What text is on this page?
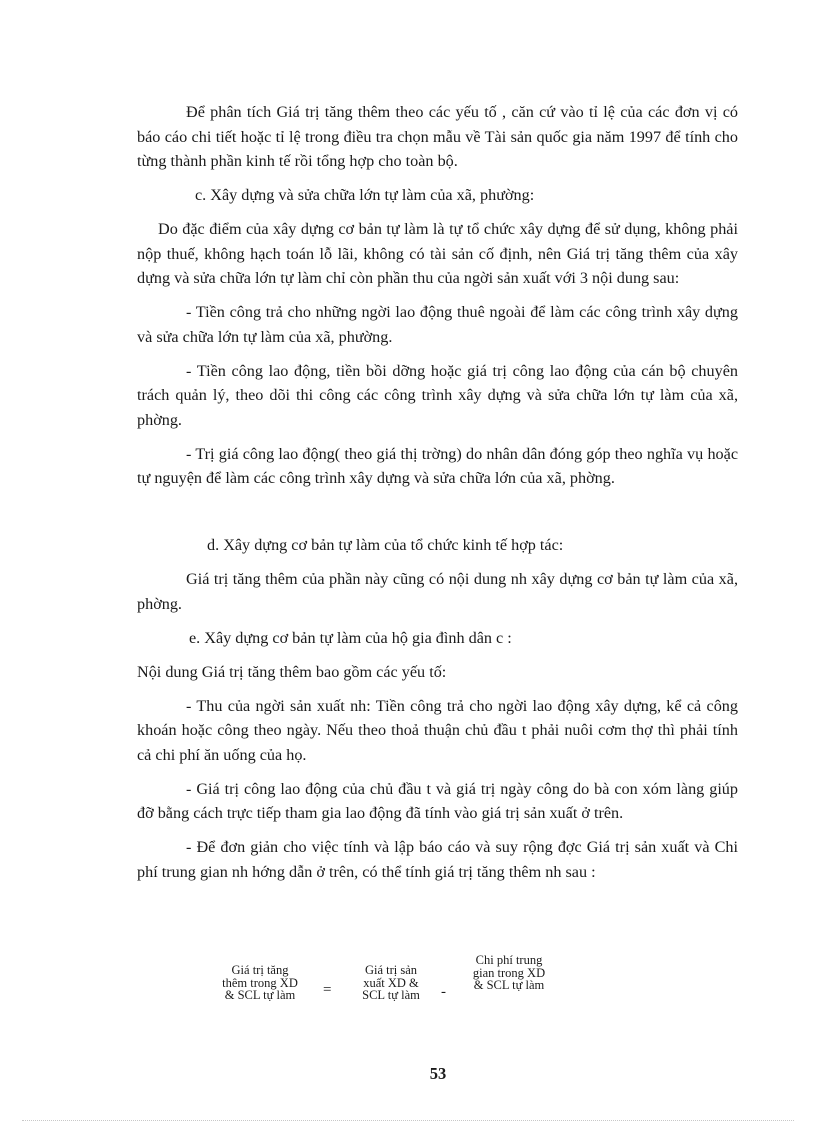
Để phân tích Giá trị tăng thêm theo các yếu tố , căn cứ vào tỉ lệ của các đơn vị có báo cáo chi tiết hoặc tỉ lệ trong điều tra chọn mẫu về Tài sản quốc gia năm 1997 để tính cho từng thành phần kinh tế rồi tổng hợp cho toàn bộ.

c. Xây dựng và sửa chữa lớn tự làm của xã, phường:

Do đặc điểm của xây dựng cơ bản tự làm là tự tổ chức xây dựng để sử dụng, không phải nộp thuế, không hạch toán lỗ lãi, không có tài sản cố định, nên Giá trị tăng thêm của xây dựng và sửa chữa lớn tự làm chỉ còn phần thu của ngời sản xuất với 3 nội dung sau:

- Tiền công trả cho những ngời lao động thuê ngoài để làm các công trình xây dựng và sửa chữa lớn tự làm của xã, phường.

- Tiền công lao động, tiền bồi dỡng hoặc giá trị công lao động của cán bộ chuyên trách quản lý, theo dõi thi công các công trình xây dựng và sửa chữa lớn tự làm của xã, phờng.

- Trị giá công lao động( theo giá thị trờng) do nhân dân đóng góp theo nghĩa vụ hoặc tự nguyện để làm các công trình xây dựng và sửa chữa lớn của xã, phờng.

d. Xây dựng cơ bản tự làm của tổ chức kinh tế hợp tác:

Giá trị tăng thêm của phần này cũng có nội dung nh xây dựng cơ bản tự làm của xã, phờng.

e. Xây dựng cơ bản tự làm của hộ gia đình dân c :

Nội dung Giá trị tăng thêm bao gồm các yếu tố:

- Thu của ngời sản xuất nh: Tiền công trả cho ngời lao động xây dựng, kể cả công khoán hoặc công theo ngày. Nếu theo thoả thuận chủ đầu t phải nuôi cơm thợ thì phải tính cả chi phí ăn uống của họ.

- Giá trị công lao động của chủ đầu t và giá trị ngày công do bà con xóm làng giúp đỡ bằng cách trực tiếp tham gia lao động đã tính vào giá trị sản xuất ở trên.

- Để đơn giản cho việc tính và lập báo cáo và suy rộng đợc Giá trị sản xuất và Chi phí trung gian nh hớng dẫn ở trên, có thể tính giá trị tăng thêm nh sau :

Giá trị tăng
thêm trong XD
& SCL tự làm	=
Giá trị sản
xuất XD &
SCL tự làm	-
Chi phí trung
gian trong XD
& SCL tự làm
53
